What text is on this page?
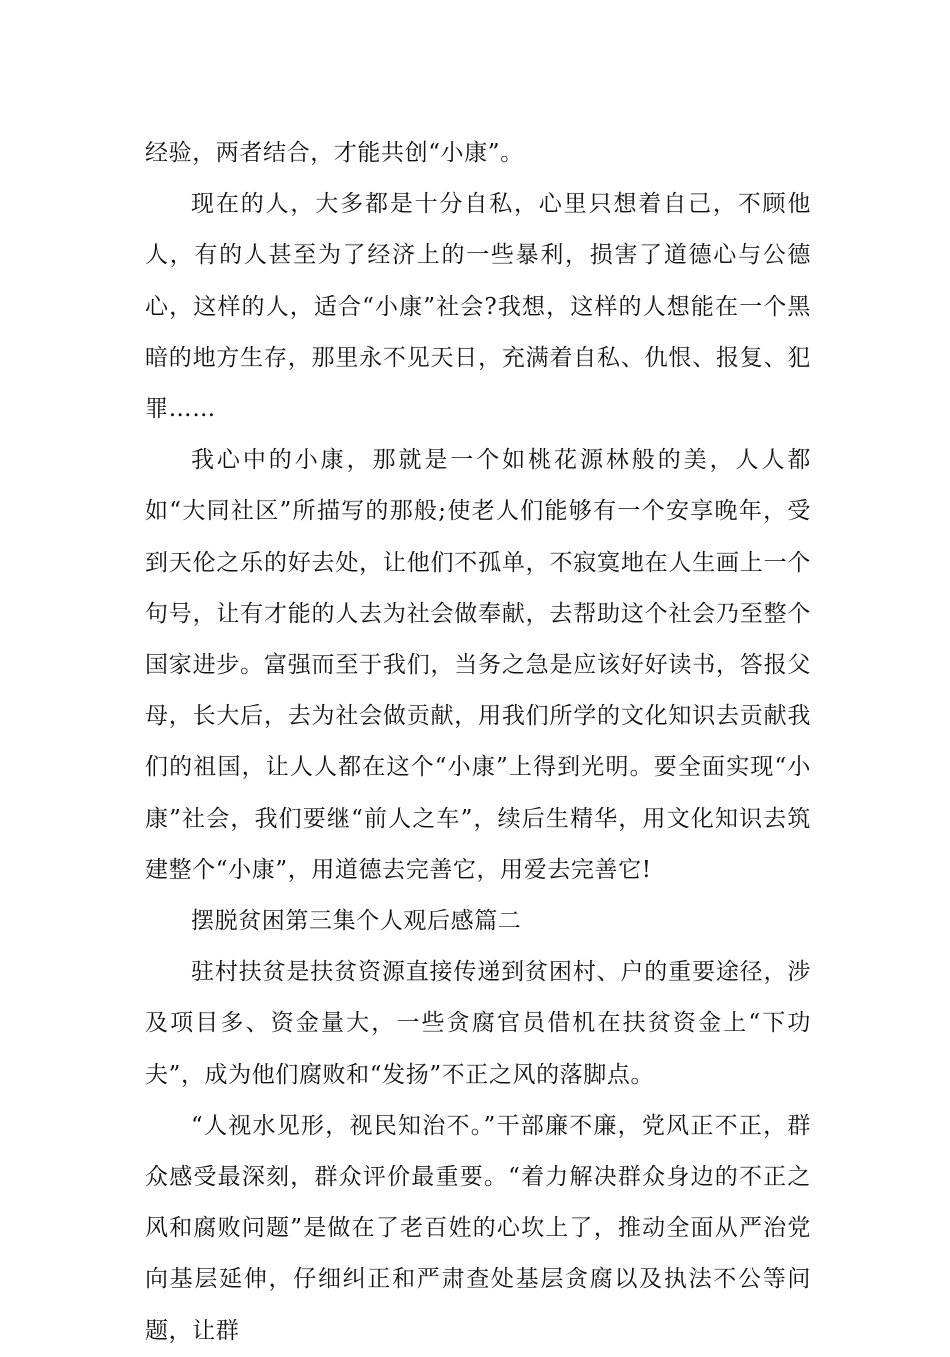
经验，两者结合，才能共创“小康”。

现在的人，大多都是十分自私，心里只想着自己，不顾他人，有的人甚至为了经济上的一些暴利，损害了道德心与公德心，这样的人，适合“小康”社会?我想，这样的人想能在一个黑暗的地方生存，那里永不见天日，充满着自私、仇恨、报复、犯罪……

我心中的小康，那就是一个如桃花源林般的美，人人都如“大同社区”所描写的那般;使老人们能够有一个安享晚年，受到天伦之乐的好去处，让他们不孤单，不寂寞地在人生画上一个句号，让有才能的人去为社会做奉献，去帮助这个社会乃至整个国家进步。富强而至于我们，当务之急是应该好好读书，答报父母，长大后，去为社会做贡献，用我们所学的文化知识去贡献我们的祖国，让人人都在这个“小康”上得到光明。要全面实现“小康”社会，我们要继“前人之车”，续后生精华，用文化知识去筑建整个“小康”，用道德去完善它，用爱去完善它!

摆脱贫困第三集个人观后感篇二

驻村扶贫是扶贫资源直接传递到贫困村、户的重要途径，涉及项目多、资金量大，一些贪腐官员借机在扶贫资金上“下功夫”，成为他们腐败和“发扬”不正之风的落脚点。

“人视水见形，视民知治不。”干部廉不廉，党风正不正，群众感受最深刻，群众评价最重要。“着力解决群众身边的不正之风和腐败问题”是做在了老百姓的心坎上了，推动全面从严治党向基层延伸，仔细纠正和严肃查处基层贪腐以及执法不公等问题，让群
